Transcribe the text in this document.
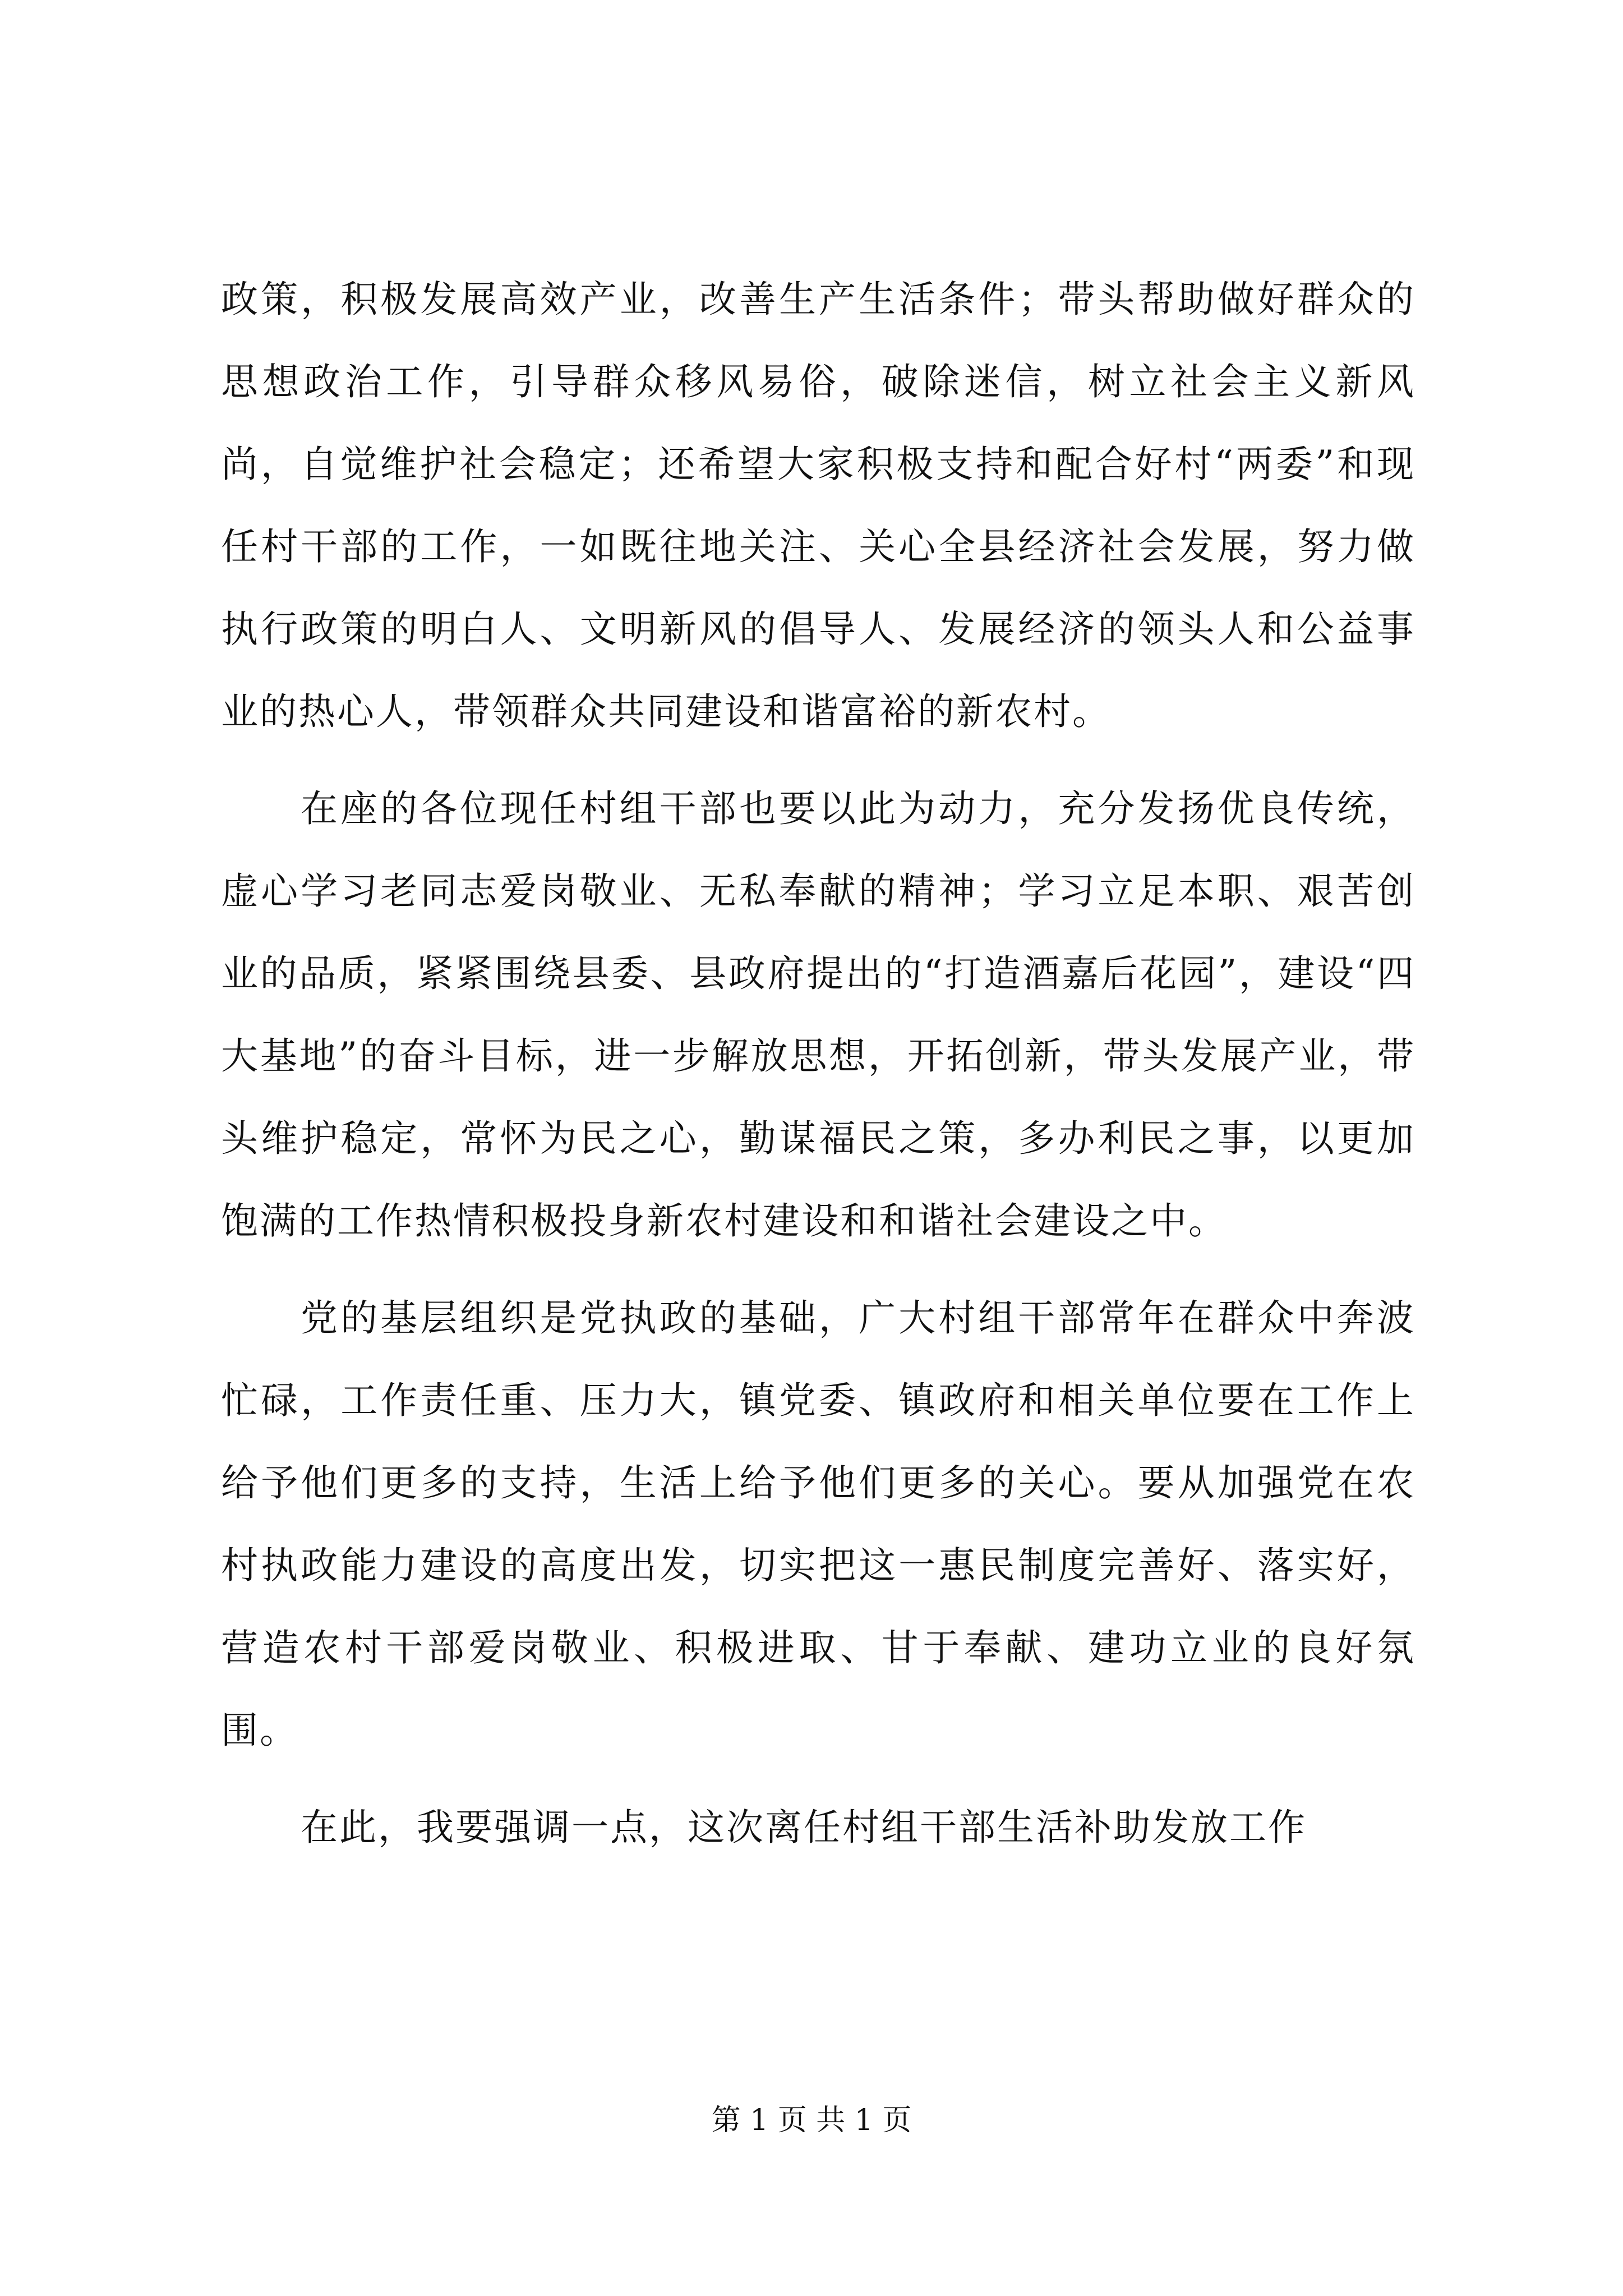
政策，积极发展高效产业，改善生产生活条件；带头帮助做好群众的思想政治工作，引导群众移风易俗，破除迷信，树立社会主义新风尚，自觉维护社会稳定；还希望大家积极支持和配合好村“两委”和现任村干部的工作，一如既往地关注、关心全县经济社会发展，努力做执行政策的明白人、文明新风的倡导人、发展经济的领头人和公益事业的热心人，带领群众共同建设和谐富裕的新农村。

在座的各位现任村组干部也要以此为动力，充分发扬优良传统，虚心学习老同志爱岗敬业、无私奉献的精神；学习立足本职、艰苦创业的品质，紧紧围绕县委、县政府提出的“打造酒嘉后花园”，建设“四大基地”的奋斗目标，进一步解放思想，开拓创新，带头发展产业，带头维护稳定，常怀为民之心，勤谋福民之策，多办利民之事，以更加饱满的工作热情积极投身新农村建设和和谐社会建设之中。

党的基层组织是党执政的基础，广大村组干部常年在群众中奔波忙碌，工作责任重、压力大，镇党委、镇政府和相关单位要在工作上给予他们更多的支持，生活上给予他们更多的关心。要从加强党在农村执政能力建设的高度出发，切实把这一惠民制度完善好、落实好，营造农村干部爱岗敬业、积极进取、甘于奉献、建功立业的良好氛围。

在此，我要强调一点，这次离任村组干部生活补助发放工作

第 1 页 共 1 页
